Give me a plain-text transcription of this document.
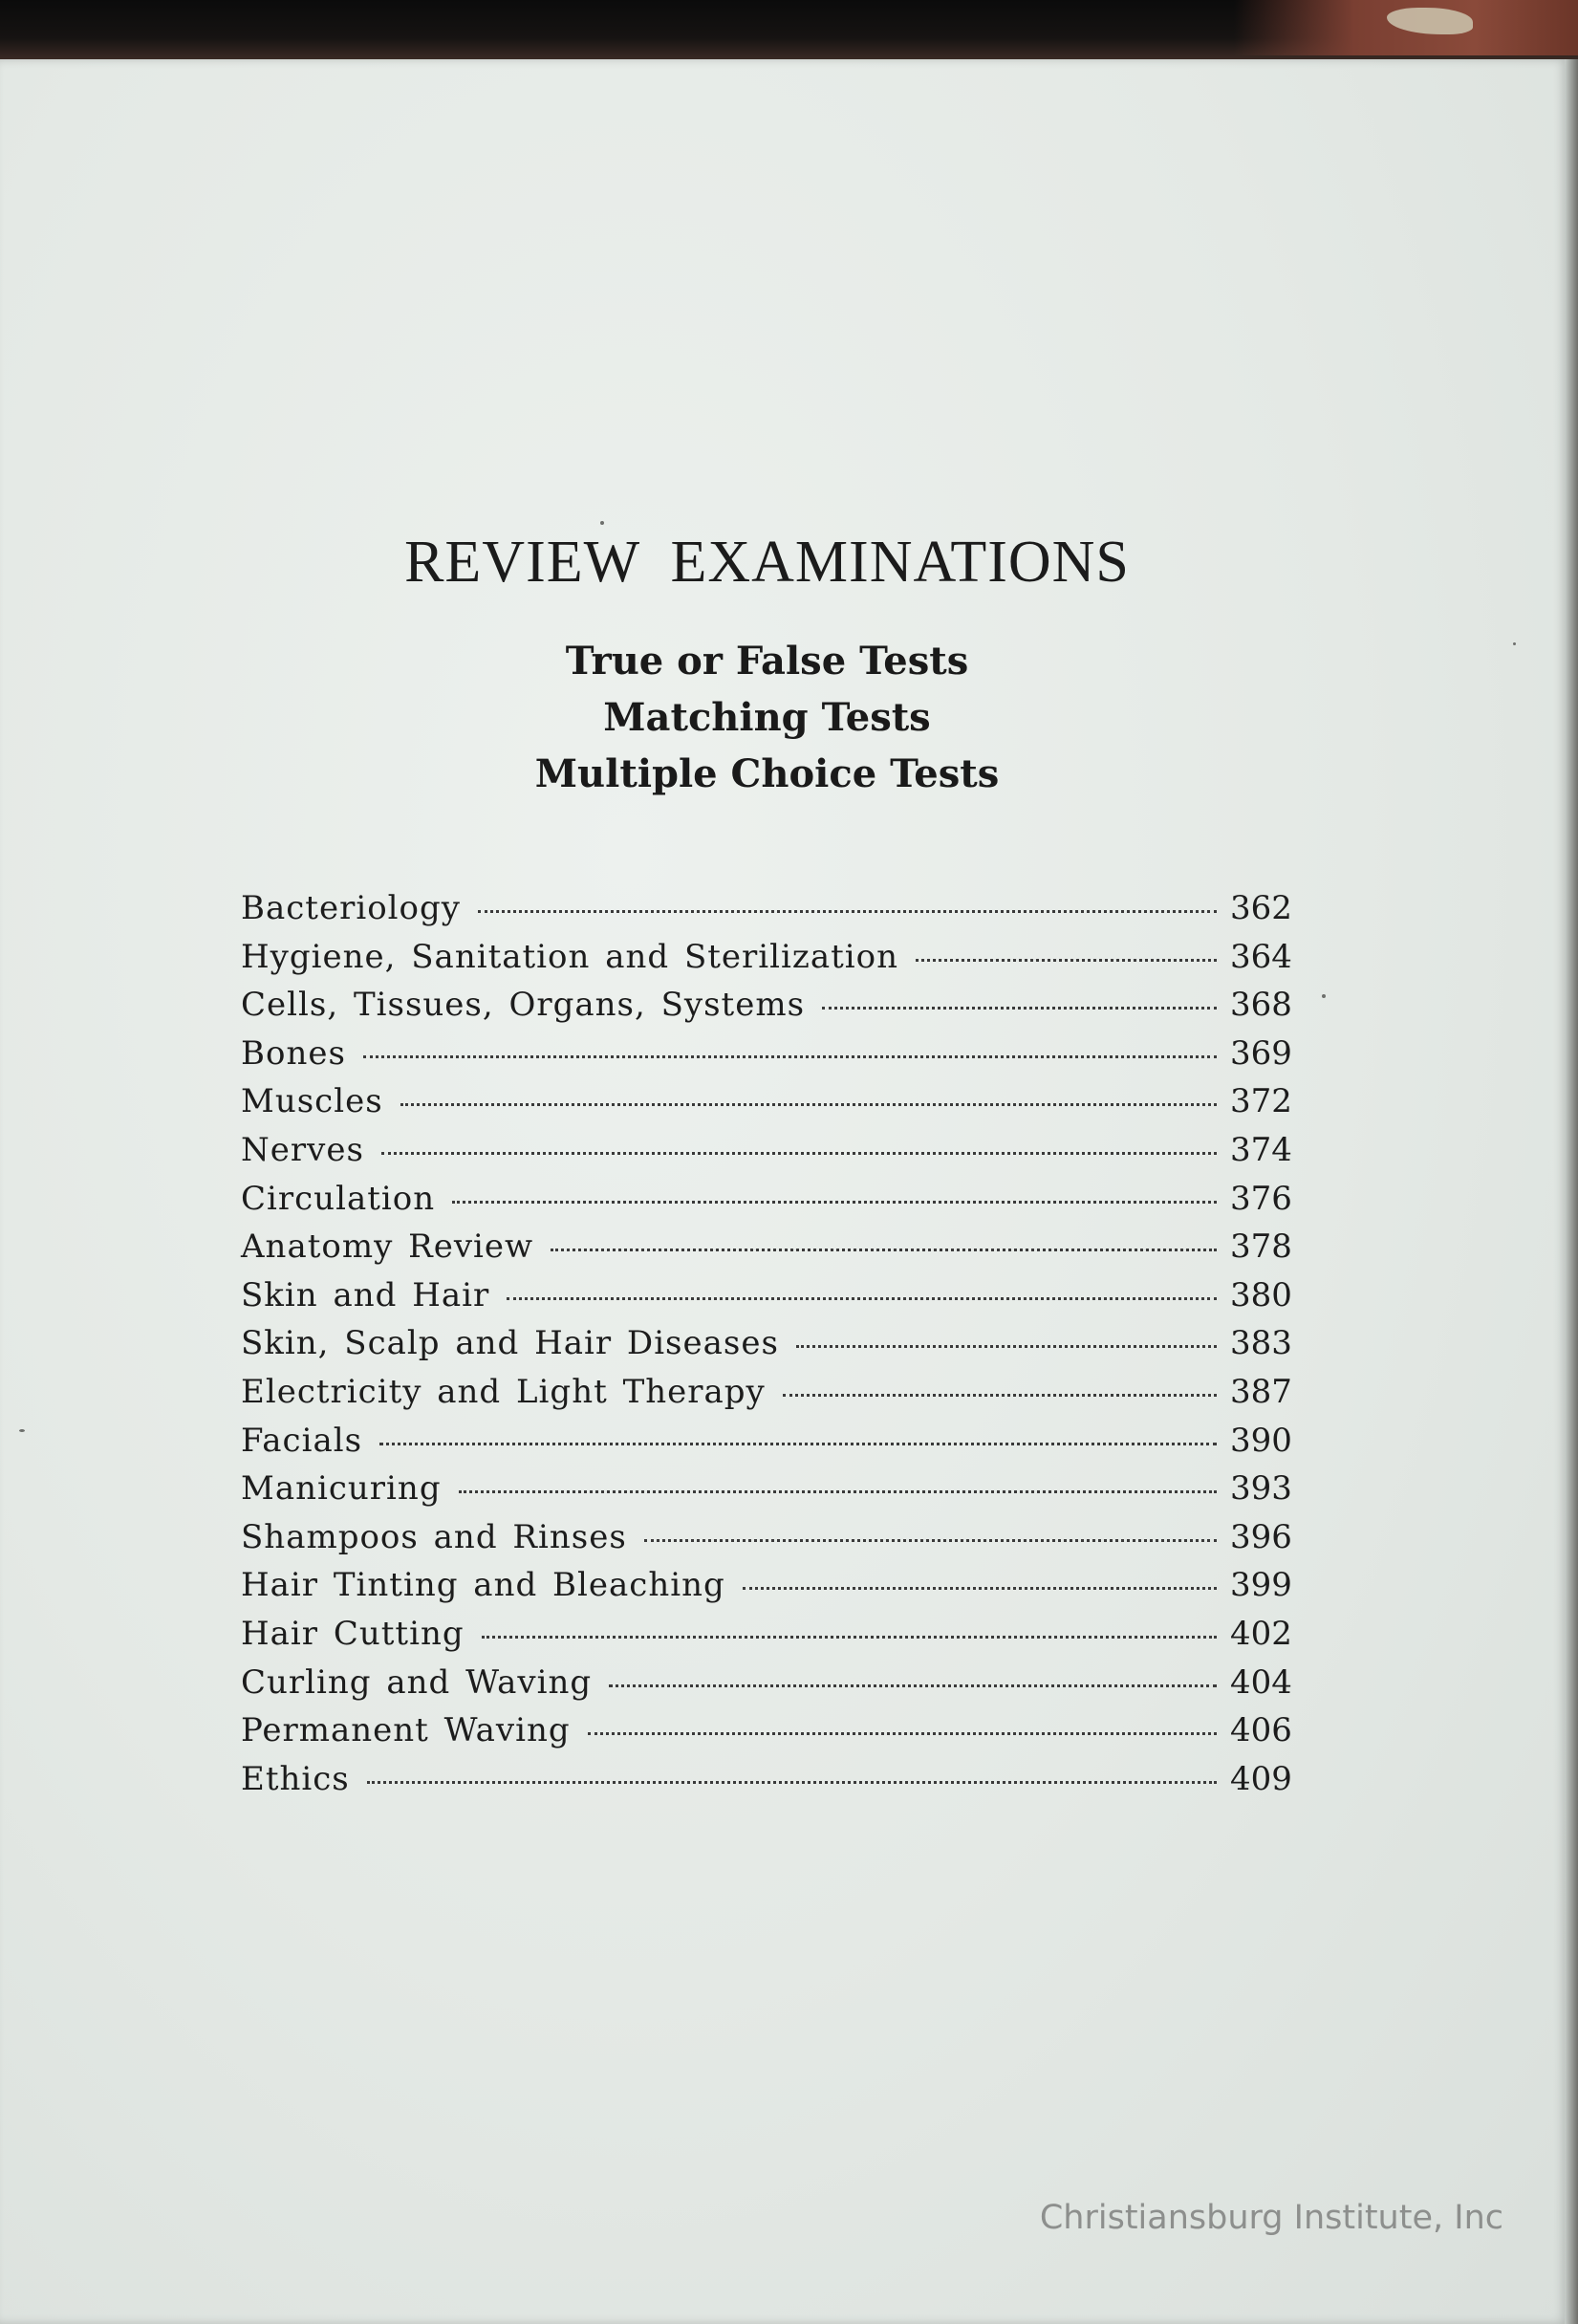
REVIEW EXAMINATIONS
True or False Tests
Matching Tests
Multiple Choice Tests
Bacteriology	362
Hygiene, Sanitation and Sterilization	364
Cells, Tissues, Organs, Systems	368
Bones	369
Muscles	372
Nerves	374
Circulation	376
Anatomy Review	378
Skin and Hair	380
Skin, Scalp and Hair Diseases	383
Electricity and Light Therapy	387
Facials	390
Manicuring	393
Shampoos and Rinses	396
Hair Tinting and Bleaching	399
Hair Cutting	402
Curling and Waving	404
Permanent Waving	406
Ethics	409
Christiansburg Institute, Inc
